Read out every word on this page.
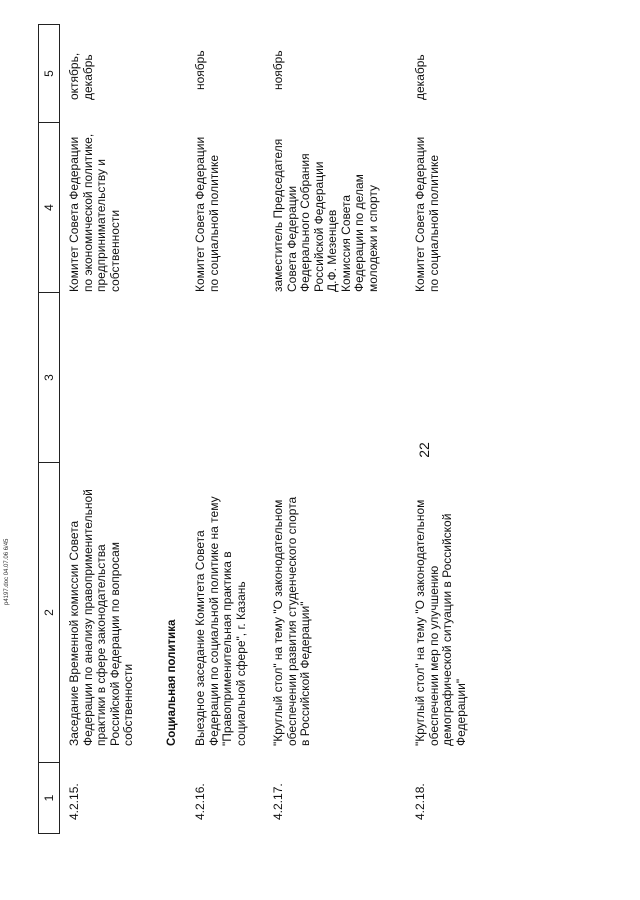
22
1
2
3
4
5
4.2.15.
Заседание Временной комиссии Совета Федерации по анализу правоприменительной практики в сфере законодательства Российской Федерации по вопросам собственности
Комитет Совета Федерации по экономической политике, предпринимательству и собственности
октябрь, декабрь
Социальная политика
4.2.16.
Выездное заседание Комитета Совета Федерации по социальной политике на тему "Правоприменительная практика в социальной сфере", г. Казань
Комитет Совета Федерации по социальной политике
ноябрь
4.2.17.
"Круглый стол" на тему "О законодательном обеспечении развития студенческого спорта в Российской Федерации"
заместитель Председателя Совета Федерации Федерального Собрания Российской Федерации Д.Ф. Мезенцев Комиссия Совета Федерации по делам молодежи и спорту
ноябрь
4.2.18.
"Круглый стол" на тему "О законодательном обеспечении мер по улучшению демографической ситуации в Российской Федерации"
Комитет Совета Федерации по социальной политике
декабрь
p4197.doc 04.07.06 6/45
